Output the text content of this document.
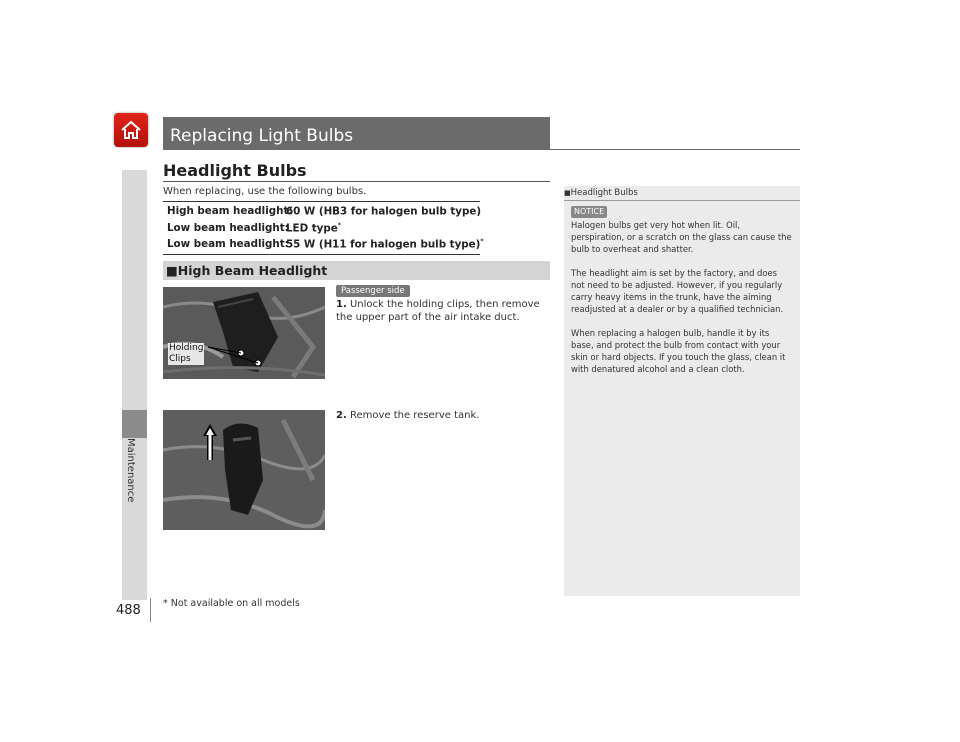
Maintenance
Replacing Light Bulbs
Headlight Bulbs
When replacing, use the following bulbs.
High beam headlight:
60 W (HB3 for halogen bulb type)
Low beam headlight:
LED type*
Low beam headlight:
55 W (H11 for halogen bulb type)*
■High Beam Headlight
Passenger side
Holding
Clips
1. Unlock the holding clips, then remove the upper part of the air intake duct.
2. Remove the reserve tank.
■Headlight Bulbs
NOTICE
Halogen bulbs get very hot when lit. Oil, perspiration, or a scratch on the glass can cause the bulb to overheat and shatter.
The headlight aim is set by the factory, and does not need to be adjusted. However, if you regularly carry heavy items in the trunk, have the aiming readjusted at a dealer or by a qualified technician.
When replacing a halogen bulb, handle it by its base, and protect the bulb from contact with your skin or hard objects. If you touch the glass, clean it with denatured alcohol and a clean cloth.
488 * Not available on all models
